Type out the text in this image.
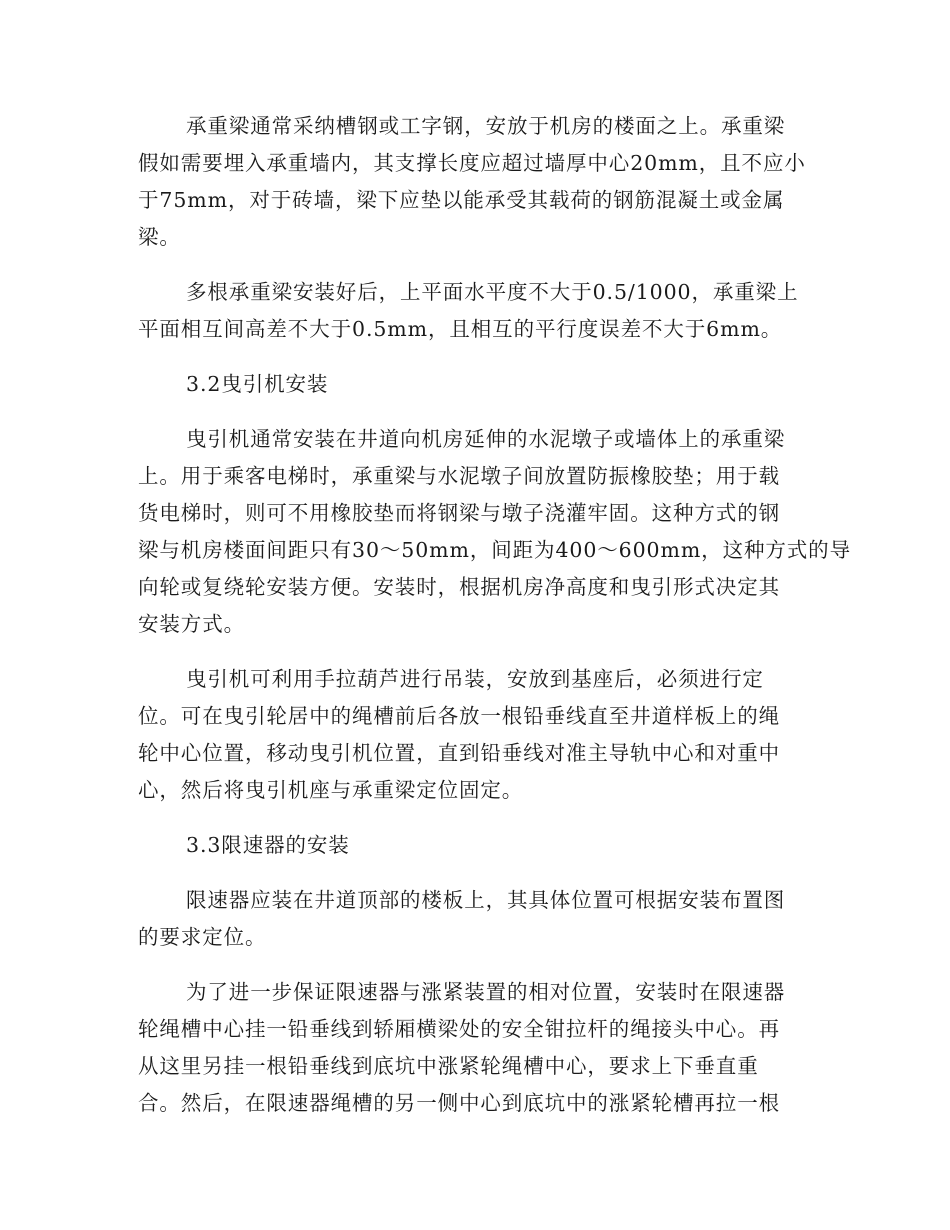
承重梁通常采纳槽钢或工字钢，安放于机房的楼面之上。承重梁
假如需要埋入承重墙内，其支撑长度应超过墙厚中心20mm，且不应小
于75mm，对于砖墙，梁下应垫以能承受其载荷的钢筋混凝土或金属
梁。
多根承重梁安装好后，上平面水平度不大于0.5/1000，承重梁上
平面相互间高差不大于0.5mm，且相互的平行度误差不大于6mm。
3.2曳引机安装
曳引机通常安装在井道向机房延伸的水泥墩子或墙体上的承重梁
上。用于乘客电梯时，承重梁与水泥墩子间放置防振橡胶垫；用于载
货电梯时，则可不用橡胶垫而将钢梁与墩子浇灌牢固。这种方式的钢
梁与机房楼面间距只有30～50mm，间距为400～600mm，这种方式的导
向轮或复绕轮安装方便。安装时，根据机房净高度和曳引形式决定其
安装方式。
曳引机可利用手拉葫芦进行吊装，安放到基座后，必须进行定
位。可在曳引轮居中的绳槽前后各放一根铅垂线直至井道样板上的绳
轮中心位置，移动曳引机位置，直到铅垂线对准主导轨中心和对重中
心，然后将曳引机座与承重梁定位固定。
3.3限速器的安装
限速器应装在井道顶部的楼板上，其具体位置可根据安装布置图
的要求定位。
为了进一步保证限速器与涨紧装置的相对位置，安装时在限速器
轮绳槽中心挂一铅垂线到轿厢横梁处的安全钳拉杆的绳接头中心。再
从这里另挂一根铅垂线到底坑中涨紧轮绳槽中心，要求上下垂直重
合。然后，在限速器绳槽的另一侧中心到底坑中的涨紧轮槽再拉一根
